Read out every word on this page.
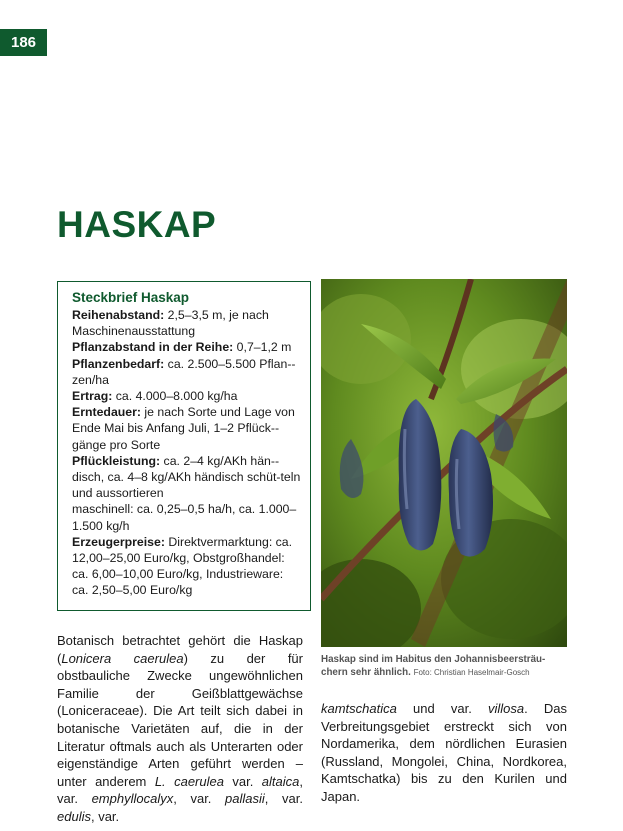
186
HASKAP
Steckbrief Haskap
Reihenabstand: 2,5–3,5 m, je nach Maschinenausstattung
Pflanzabstand in der Reihe: 0,7–1,2 m
Pflanzenbedarf: ca. 2.500–5.500 Pflan-zen/ha
Ertrag: ca. 4.000–8.000 kg/ha
Erntedauer: je nach Sorte und Lage von Ende Mai bis Anfang Juli, 1–2 Pflück-gänge pro Sorte
Pflückleistung: ca. 2–4 kg/AKh hän-disch, ca. 4–8 kg/AKh händisch schüt-teln und aussortieren
maschinell: ca. 0,25–0,5 ha/h, ca. 1.000–1.500 kg/h
Erzeugerpreise: Direktvermarktung: ca. 12,00–25,00 Euro/kg, Obstgroßhandel: ca. 6,00–10,00 Euro/kg, Industrieware: ca. 2,50–5,00 Euro/kg
Haskap sind im Habitus den Johannisbeersträu-chern sehr ähnlich. Foto: Christian Haselmair-Gosch
Botanisch betrachtet gehört die Haskap (Lonicera caerulea) zu der für obstbauliche Zwecke ungewöhnlichen Familie der Geißblattgewächse (Loniceraceae). Die Art teilt sich dabei in botanische Varietäten auf, die in der Literatur oftmals auch als Unterarten oder eigenständige Arten geführt werden – unter anderem L. caerulea var. altaica, var. emphyllocalyx, var. pallasii, var. edulis, var.
kamtschatica und var. villosa. Das Verbreitungsgebiet erstreckt sich von Nordamerika, dem nördlichen Eurasien (Russland, Mongolei, China, Nordkorea, Kamtschatka) bis zu den Kurilen und Japan.
